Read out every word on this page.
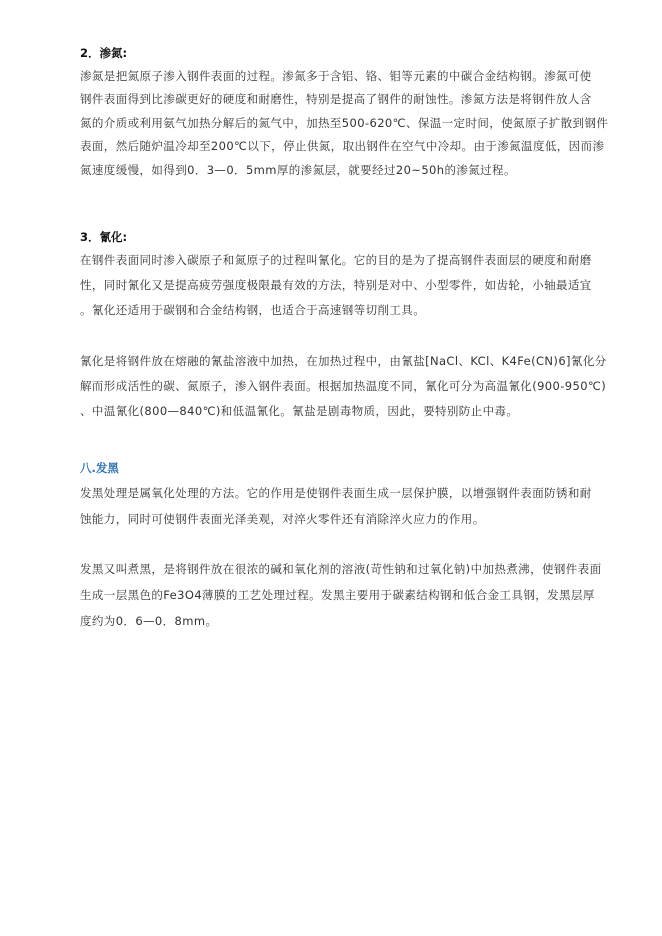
2．渗氮:
渗氮是把氮原子渗入钢件表面的过程。渗氮多于含铝、铬、钼等元素的中碳合金结构钢。渗氮可使
钢件表面得到比渗碳更好的硬度和耐磨性，特别是提高了钢件的耐蚀性。渗氮方法是将钢件放人含
氮的介质或利用氨气加热分解后的氮气中，加热至500-620℃、保温一定时间，使氮原子扩散到钢件
表面，然后随炉温冷却至200℃以下，停止供氮，取出钢件在空气中冷却。由于渗氮温度低，因而渗
氮速度缓慢，如得到0．3—0．5mm厚的渗氮层，就要经过20~50h的渗氮过程。
3．氰化:
在钢件表面同时渗入碳原子和氮原子的过程叫氰化。它的目的是为了提高钢件表面层的硬度和耐磨
性，同时氰化又是提高疲劳强度极限最有效的方法，特别是对中、小型零件，如齿轮，小轴最适宜
。氰化还适用于碳钢和合金结构钢，也适合于高速钢等切削工具。
氰化是将钢件放在熔融的氰盐溶液中加热，在加热过程中，由氰盐[NaCl、KCl、K4Fe(CN)6]氰化分
解而形成活性的碳、氮原子，渗入钢件表面。根据加热温度不同，氰化可分为高温氰化(900-950℃)
、中温氰化(800—840℃)和低温氰化。氰盐是剧毒物质，因此，要特别防止中毒。
八.发黑
发黑处理是属氧化处理的方法。它的作用是使钢件表面生成一层保护膜，以增强钢件表面防锈和耐
蚀能力，同时可使钢件表面光泽美观，对淬火零件还有消除淬火应力的作用。
发黑又叫煮黑，是将钢件放在很浓的碱和氧化剂的溶液(苛性钠和过氧化钠)中加热煮沸，使钢件表面
生成一层黑色的Fe3O4薄膜的工艺处理过程。发黑主要用于碳素结构钢和低合金工具钢，发黑层厚
度约为0．6—0．8mm。
